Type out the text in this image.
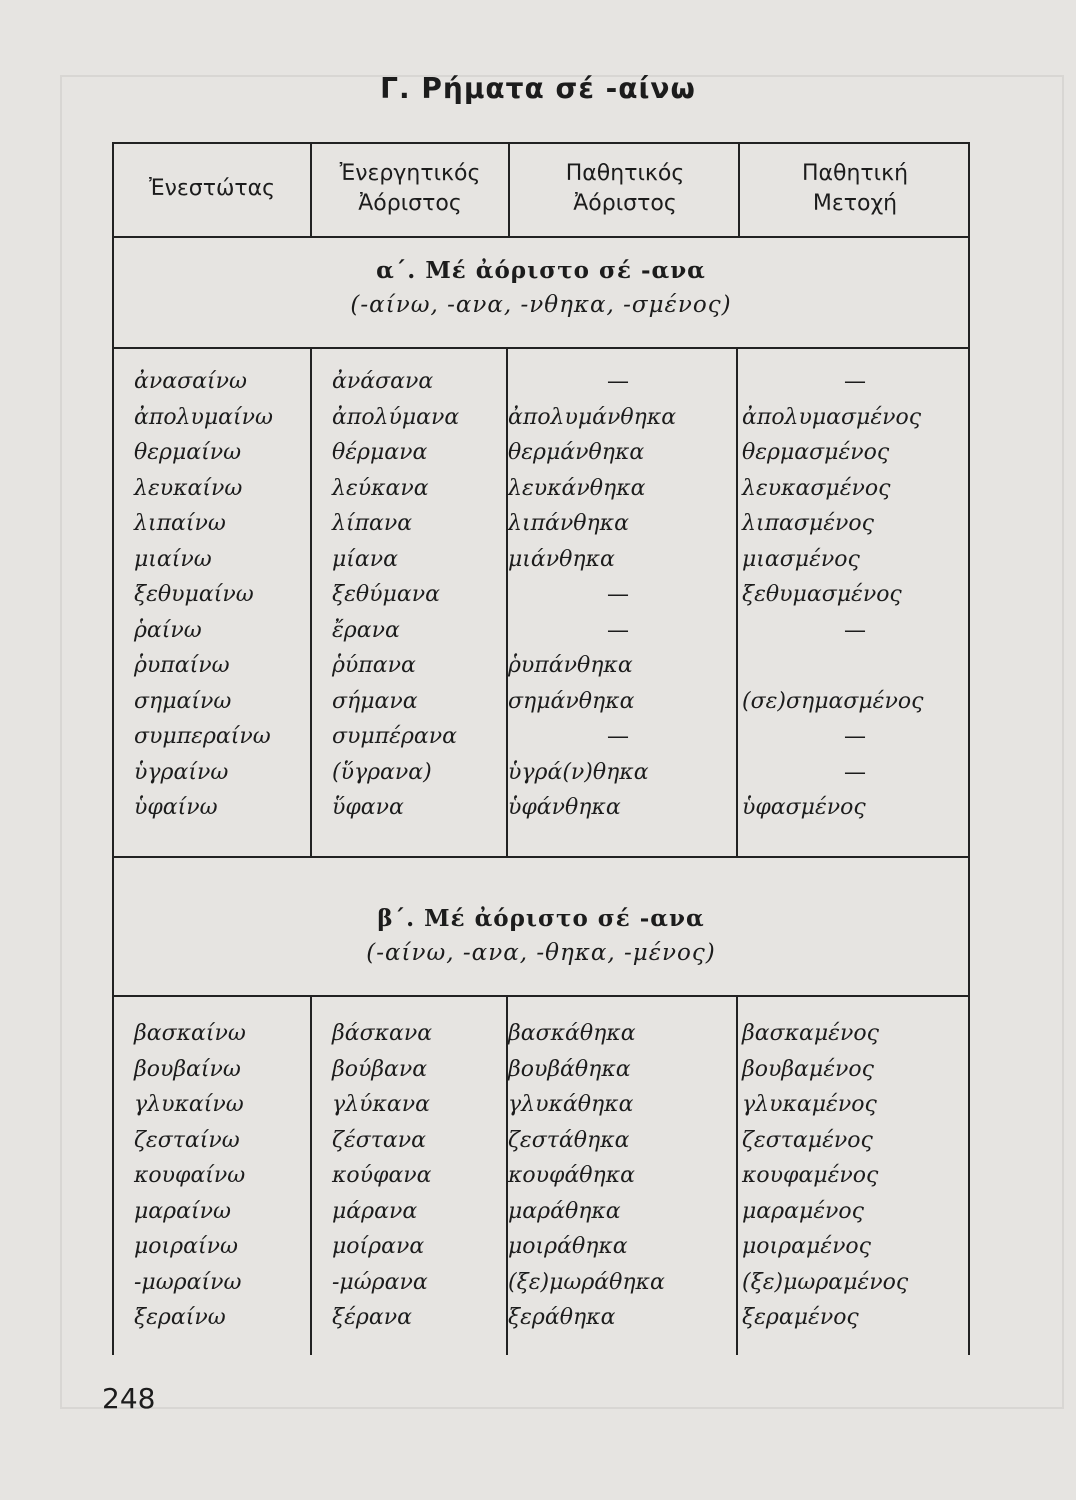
Γ. Ρήματα σέ -αίνω
Ἐνεστώτας
Ἐνεργητικός
Ἀόριστος
Παθητικός
Ἀόριστος
Παθητική
Μετοχή
α΄. Μέ ἀόριστο σέ -ανα
(-αίνω, -ανα, -νθηκα, -σμένος)
ἀνασαίνω
ἀπολυμαίνω
θερμαίνω
λευκαίνω
λιπαίνω
μιαίνω
ξεθυμαίνω
ῥαίνω
ῥυπαίνω
σημαίνω
συμπεραίνω
ὑγραίνω
ὑφαίνω
ἀνάσανα
ἀπολύμανα
θέρμανα
λεύκανα
λίπανα
μίανα
ξεθύμανα
ἔρανα
ῥύπανα
σήμανα
συμπέρανα
(ὕγρανα)
ὕφανα
—
ἀπολυμάνθηκα
θερμάνθηκα
λευκάνθηκα
λιπάνθηκα
μιάνθηκα
—
—
ῥυπάνθηκα
σημάνθηκα
—
ὑγρά(ν)θηκα
ὑφάνθηκα
—
ἀπολυμασμένος
θερμασμένος
λευκασμένος
λιπασμένος
μιασμένος
ξεθυμασμένος
—
(σε)σημασμένος
—
—
ὑφασμένος
β΄. Μέ ἀόριστο σέ -ανα
(-αίνω, -ανα, -θηκα, -μένος)
βασκαίνω
βουβαίνω
γλυκαίνω
ζεσταίνω
κουφαίνω
μαραίνω
μοιραίνω
-μωραίνω
ξεραίνω
βάσκανα
βούβανα
γλύκανα
ζέστανα
κούφανα
μάρανα
μοίρανα
-μώρανα
ξέρανα
βασκάθηκα
βουβάθηκα
γλυκάθηκα
ζεστάθηκα
κουφάθηκα
μαράθηκα
μοιράθηκα
(ξε)μωράθηκα
ξεράθηκα
βασκαμένος
βουβαμένος
γλυκαμένος
ζεσταμένος
κουφαμένος
μαραμένος
μοιραμένος
(ξε)μωραμένος
ξεραμένος
248
